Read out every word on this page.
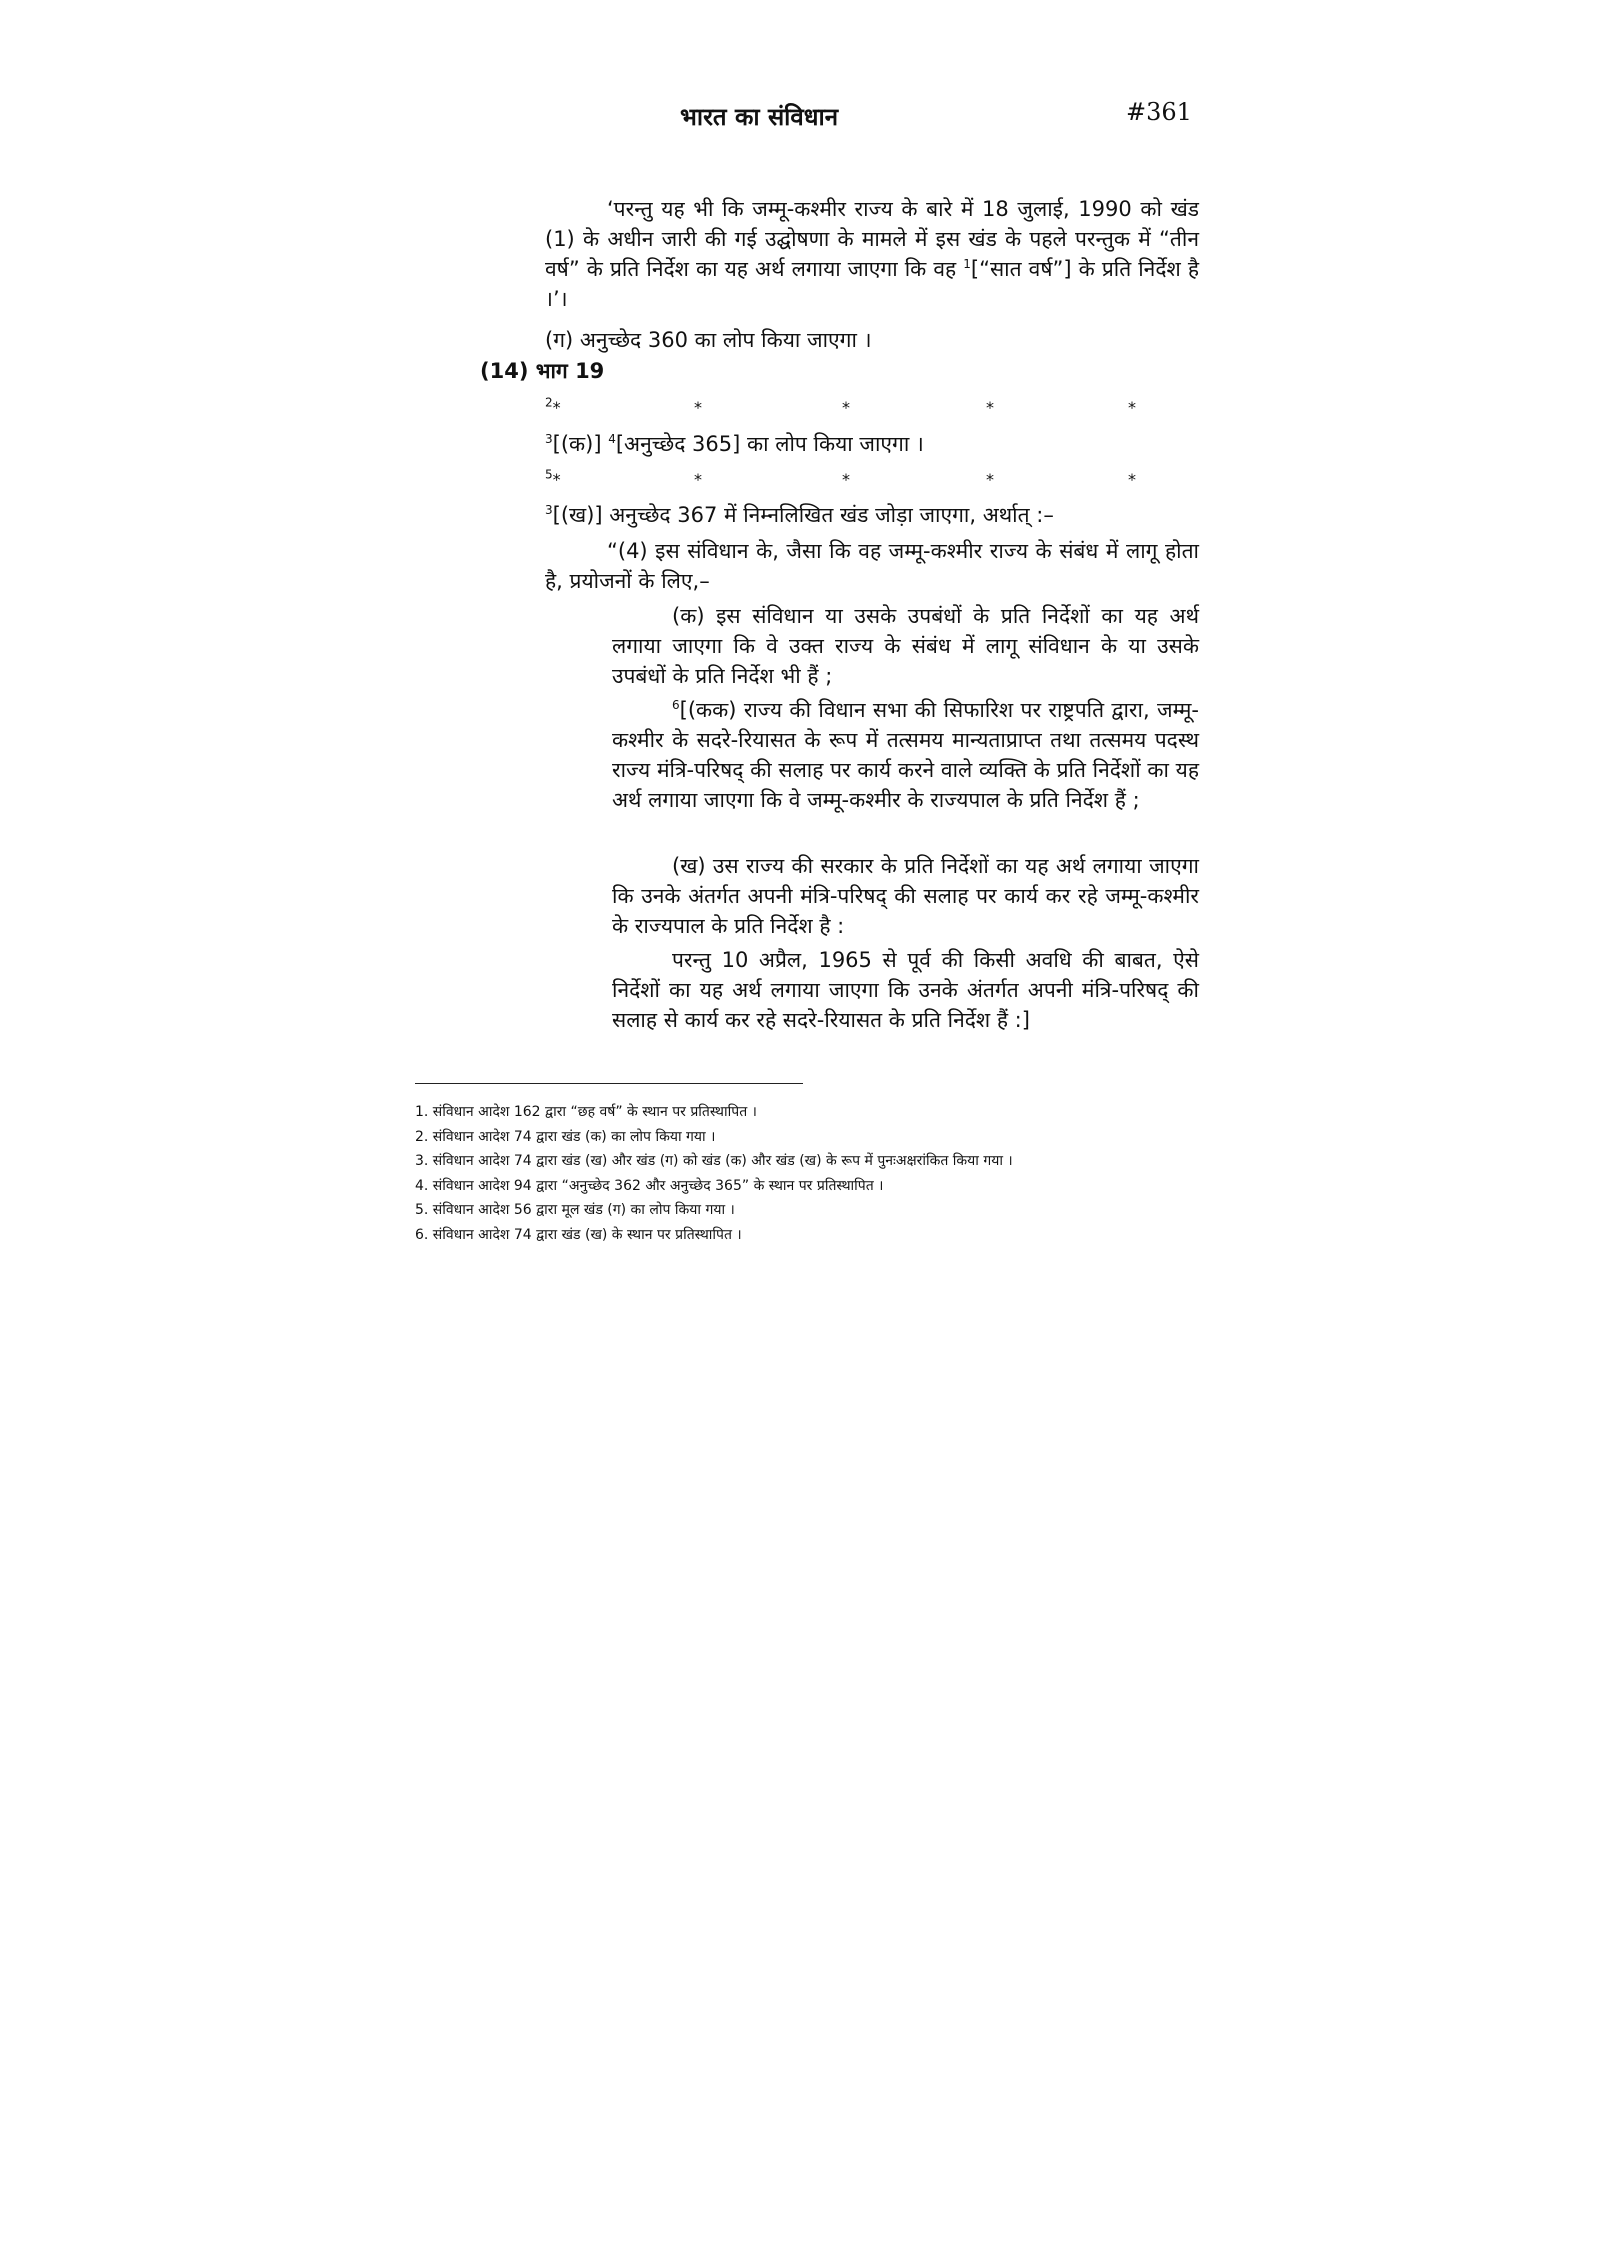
भारत का संविधान	#361

‘परन्तु यह भी कि जम्मू-कश्मीर राज्य के बारे में 18 जुलाई, 1990 को खंड (1) के अधीन जारी की गई उद्घोषणा के मामले में इस खंड के पहले परन्तुक में “तीन वर्ष” के प्रति निर्देश का यह अर्थ लगाया जाएगा कि वह $^1$[“सात वर्ष”] के प्रति निर्देश है ।’।

(ग) अनुच्छेद 360 का लोप किया जाएगा ।
(14) भाग 19
$^2$ *	*	*	*	*
$^3$[(क)] $^4$[अनुच्छेद 365] का लोप किया जाएगा ।
$^5$ *	*	*	*	*
$^3$[(ख)] अनुच्छेद 367 में निम्नलिखित खंड जोड़ा जाएगा, अर्थात् :–

“(4) इस संविधान के, जैसा कि वह जम्मू-कश्मीर राज्य के संबंध में लागू होता है, प्रयोजनों के लिए,–

(क) इस संविधान या उसके उपबंधों के प्रति निर्देशों का यह अर्थ लगाया जाएगा कि वे उक्त राज्य के संबंध में लागू संविधान के या उसके उपबंधों के प्रति निर्देश भी हैं ;

$^6$[(कक) राज्य की विधान सभा की सिफारिश पर राष्ट्रपति द्वारा, जम्मू-कश्मीर के सदरे-रियासत के रूप में तत्समय मान्यताप्राप्त तथा तत्समय पदस्थ राज्य मंत्रि-परिषद् की सलाह पर कार्य करने वाले व्यक्ति के प्रति निर्देशों का यह अर्थ लगाया जाएगा कि वे जम्मू-कश्मीर के राज्यपाल के प्रति निर्देश हैं ;

(ख) उस राज्य की सरकार के प्रति निर्देशों का यह अर्थ लगाया जाएगा कि उनके अंतर्गत अपनी मंत्रि-परिषद् की सलाह पर कार्य कर रहे जम्मू-कश्मीर के राज्यपाल के प्रति निर्देश है :

परन्तु 10 अप्रैल, 1965 से पूर्व की किसी अवधि की बाबत, ऐसे निर्देशों का यह अर्थ लगाया जाएगा कि उनके अंतर्गत अपनी मंत्रि-परिषद् की सलाह से कार्य कर रहे सदरे-रियासत के प्रति निर्देश हैं :]

1. संविधान आदेश 162 द्वारा “छह वर्ष” के स्थान पर प्रतिस्थापित ।
2. संविधान आदेश 74 द्वारा खंड (क) का लोप किया गया ।
3. संविधान आदेश 74 द्वारा खंड (ख) और खंड (ग) को खंड (क) और खंड (ख) के रूप में पुनःअक्षरांकित किया गया ।
4. संविधान आदेश 94 द्वारा “अनुच्छेद 362 और अनुच्छेद 365” के स्थान पर प्रतिस्थापित ।
5. संविधान आदेश 56 द्वारा मूल खंड (ग) का लोप किया गया ।
6. संविधान आदेश 74 द्वारा खंड (ख) के स्थान पर प्रतिस्थापित ।
